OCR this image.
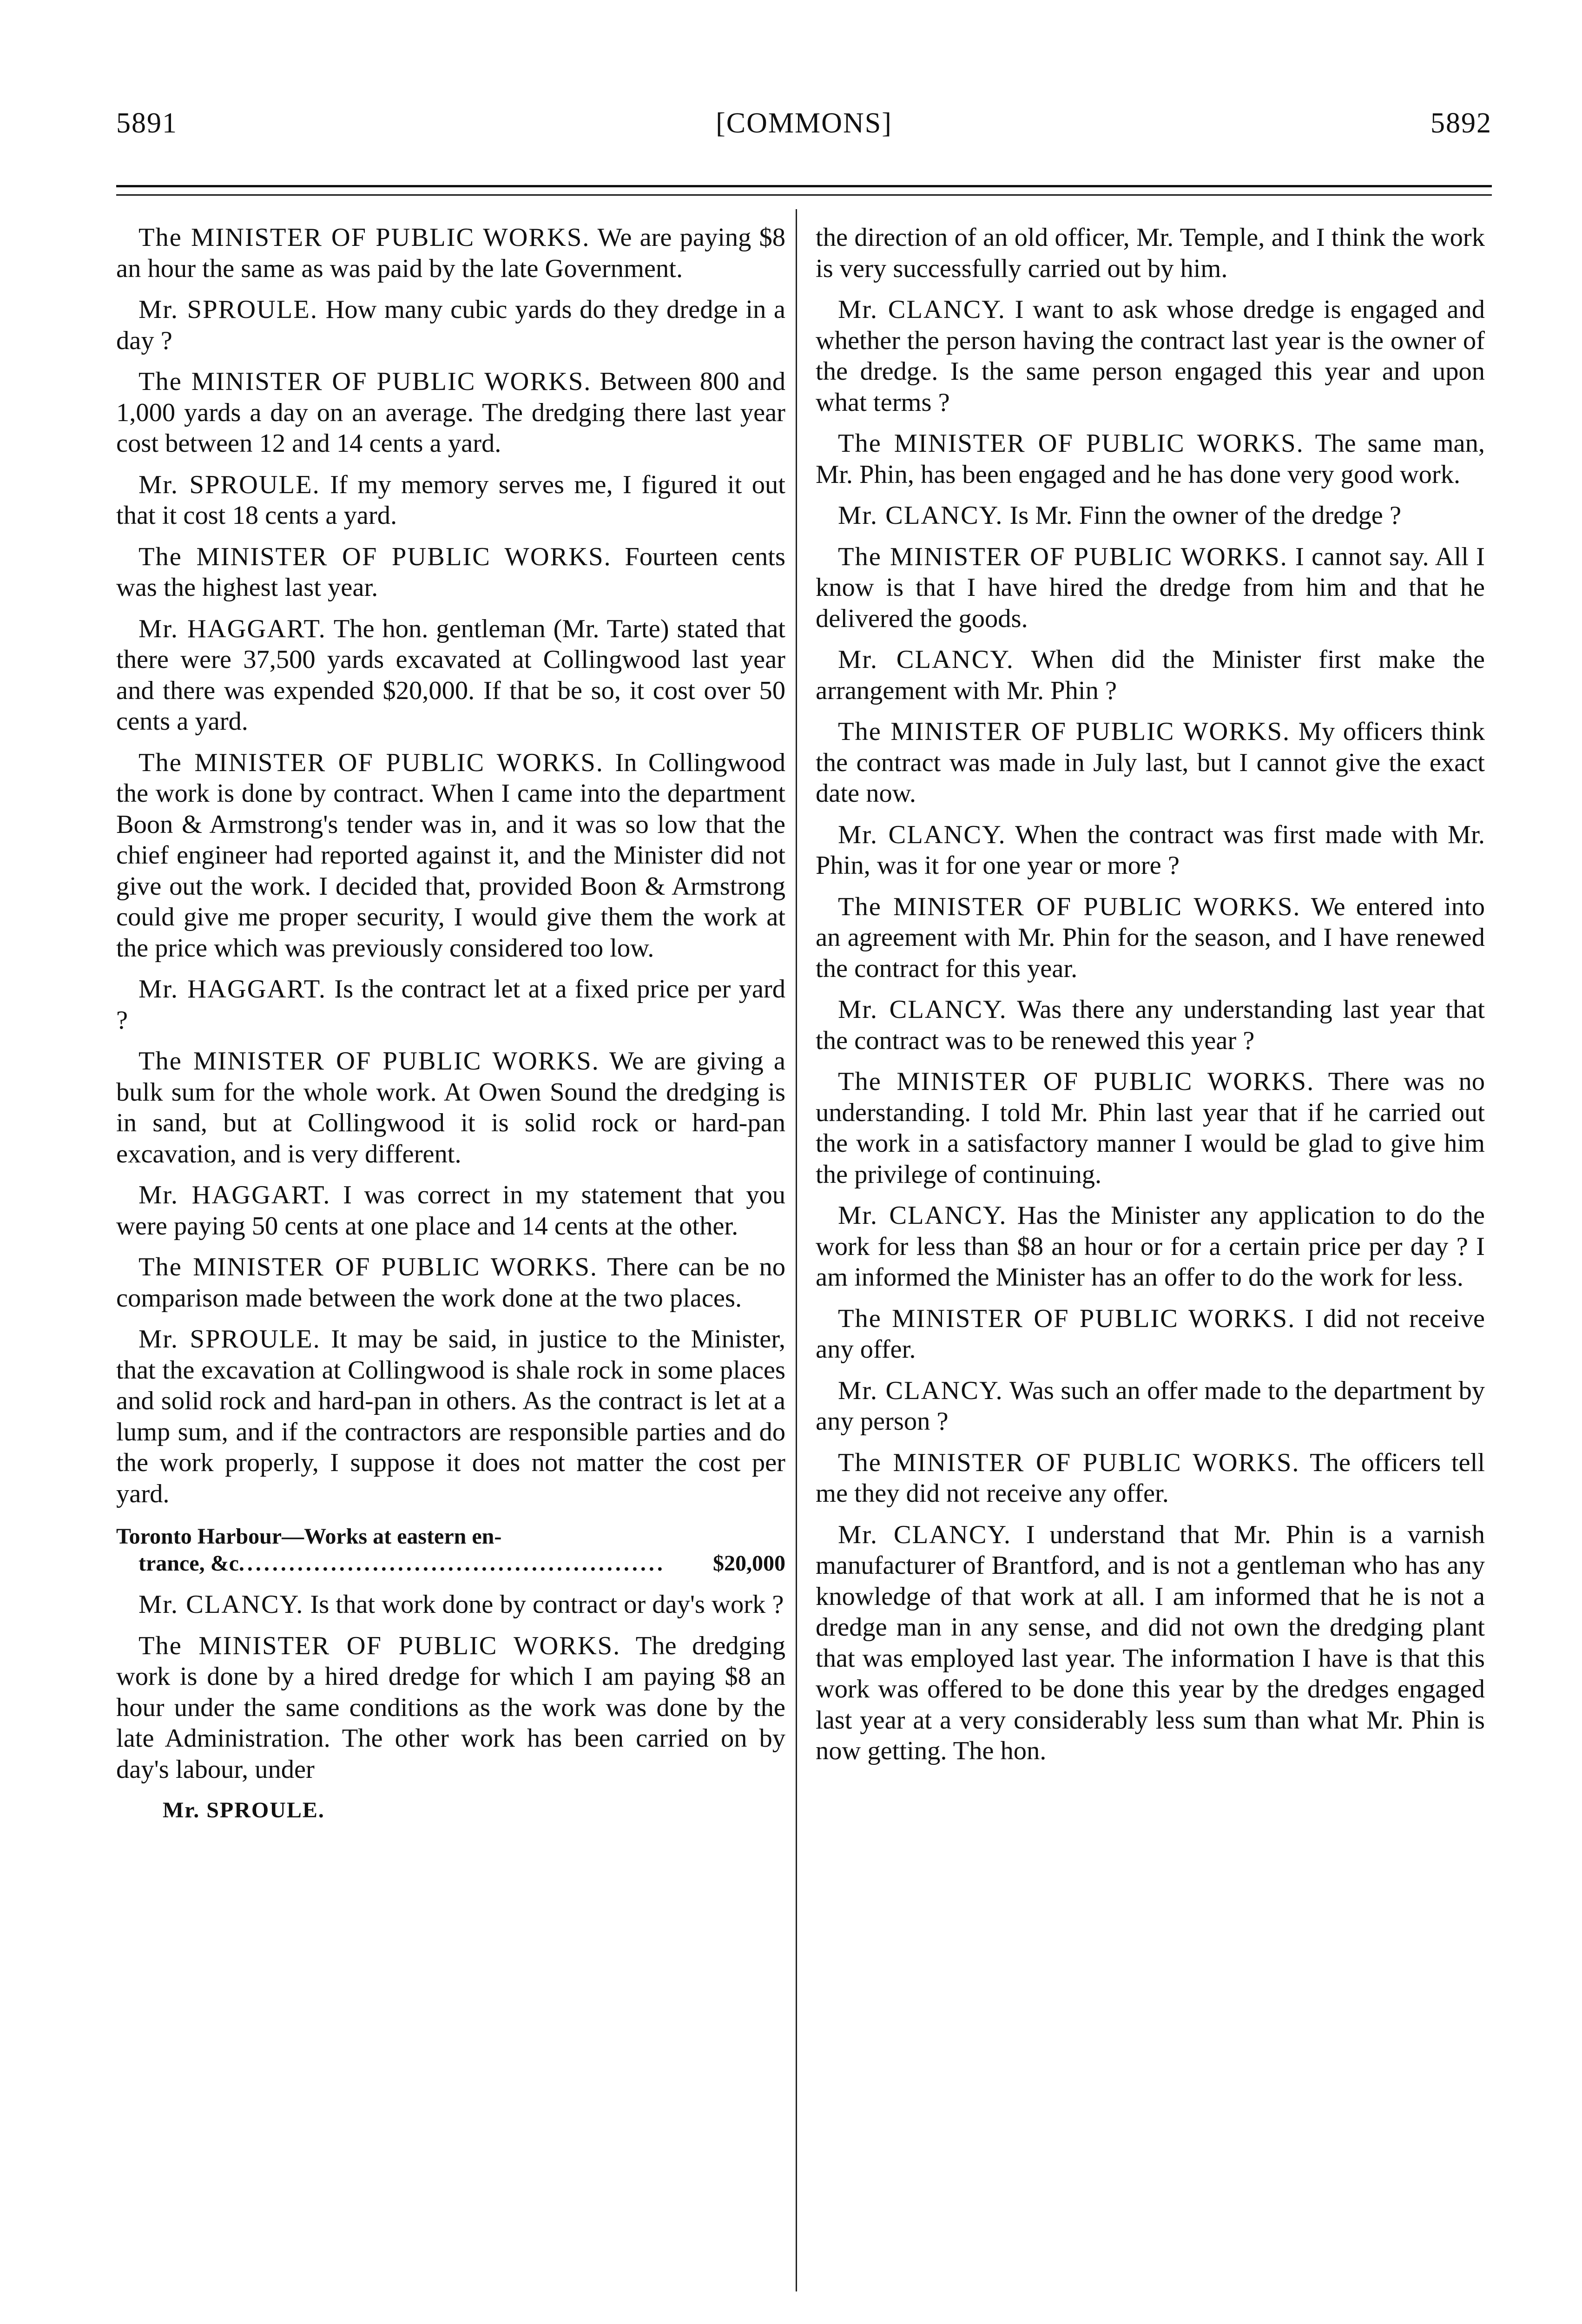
5891	[COMMONS]	5892

The MINISTER OF PUBLIC WORKS. We are paying $8 an hour the same as was paid by the late Government.

Mr. SPROULE. How many cubic yards do they dredge in a day ?

The MINISTER OF PUBLIC WORKS. Between 800 and 1,000 yards a day on an average. The dredging there last year cost between 12 and 14 cents a yard.

Mr. SPROULE. If my memory serves me, I figured it out that it cost 18 cents a yard.

The MINISTER OF PUBLIC WORKS. Fourteen cents was the highest last year.

Mr. HAGGART. The hon. gentleman (Mr. Tarte) stated that there were 37,500 yards excavated at Collingwood last year and there was expended $20,000. If that be so, it cost over 50 cents a yard.

The MINISTER OF PUBLIC WORKS. In Collingwood the work is done by contract. When I came into the department Boon & Armstrong's tender was in, and it was so low that the chief engineer had reported against it, and the Minister did not give out the work. I decided that, provided Boon & Armstrong could give me proper security, I would give them the work at the price which was previously considered too low.

Mr. HAGGART. Is the contract let at a fixed price per yard ?

The MINISTER OF PUBLIC WORKS. We are giving a bulk sum for the whole work. At Owen Sound the dredging is in sand, but at Collingwood it is solid rock or hard-pan excavation, and is very different.

Mr. HAGGART. I was correct in my statement that you were paying 50 cents at one place and 14 cents at the other.

The MINISTER OF PUBLIC WORKS. There can be no comparison made between the work done at the two places.

Mr. SPROULE. It may be said, in justice to the Minister, that the excavation at Collingwood is shale rock in some places and solid rock and hard-pan in others. As the contract is let at a lump sum, and if the contractors are responsible parties and do the work properly, I suppose it does not matter the cost per yard.

Toronto Harbour—Works at eastern en-
trance, &c. ..................................................	$20,000

Mr. CLANCY. Is that work done by contract or day's work ?

The MINISTER OF PUBLIC WORKS. The dredging work is done by a hired dredge for which I am paying $8 an hour under the same conditions as the work was done by the late Administration. The other work has been carried on by day's labour, under

Mr. SPROULE.

the direction of an old officer, Mr. Temple, and I think the work is very successfully carried out by him.

Mr. CLANCY. I want to ask whose dredge is engaged and whether the person having the contract last year is the owner of the dredge. Is the same person engaged this year and upon what terms ?

The MINISTER OF PUBLIC WORKS. The same man, Mr. Phin, has been engaged and he has done very good work.

Mr. CLANCY. Is Mr. Finn the owner of the dredge ?

The MINISTER OF PUBLIC WORKS. I cannot say. All I know is that I have hired the dredge from him and that he delivered the goods.

Mr. CLANCY. When did the Minister first make the arrangement with Mr. Phin ?

The MINISTER OF PUBLIC WORKS. My officers think the contract was made in July last, but I cannot give the exact date now.

Mr. CLANCY. When the contract was first made with Mr. Phin, was it for one year or more ?

The MINISTER OF PUBLIC WORKS. We entered into an agreement with Mr. Phin for the season, and I have renewed the contract for this year.

Mr. CLANCY. Was there any understanding last year that the contract was to be renewed this year ?

The MINISTER OF PUBLIC WORKS. There was no understanding. I told Mr. Phin last year that if he carried out the work in a satisfactory manner I would be glad to give him the privilege of continuing.

Mr. CLANCY. Has the Minister any application to do the work for less than $8 an hour or for a certain price per day ? I am informed the Minister has an offer to do the work for less.

The MINISTER OF PUBLIC WORKS. I did not receive any offer.

Mr. CLANCY. Was such an offer made to the department by any person ?

The MINISTER OF PUBLIC WORKS. The officers tell me they did not receive any offer.

Mr. CLANCY. I understand that Mr. Phin is a varnish manufacturer of Brantford, and is not a gentleman who has any knowledge of that work at all. I am informed that he is not a dredge man in any sense, and did not own the dredging plant that was employed last year. The information I have is that this work was offered to be done this year by the dredges engaged last year at a very considerably less sum than what Mr. Phin is now getting. The hon.
